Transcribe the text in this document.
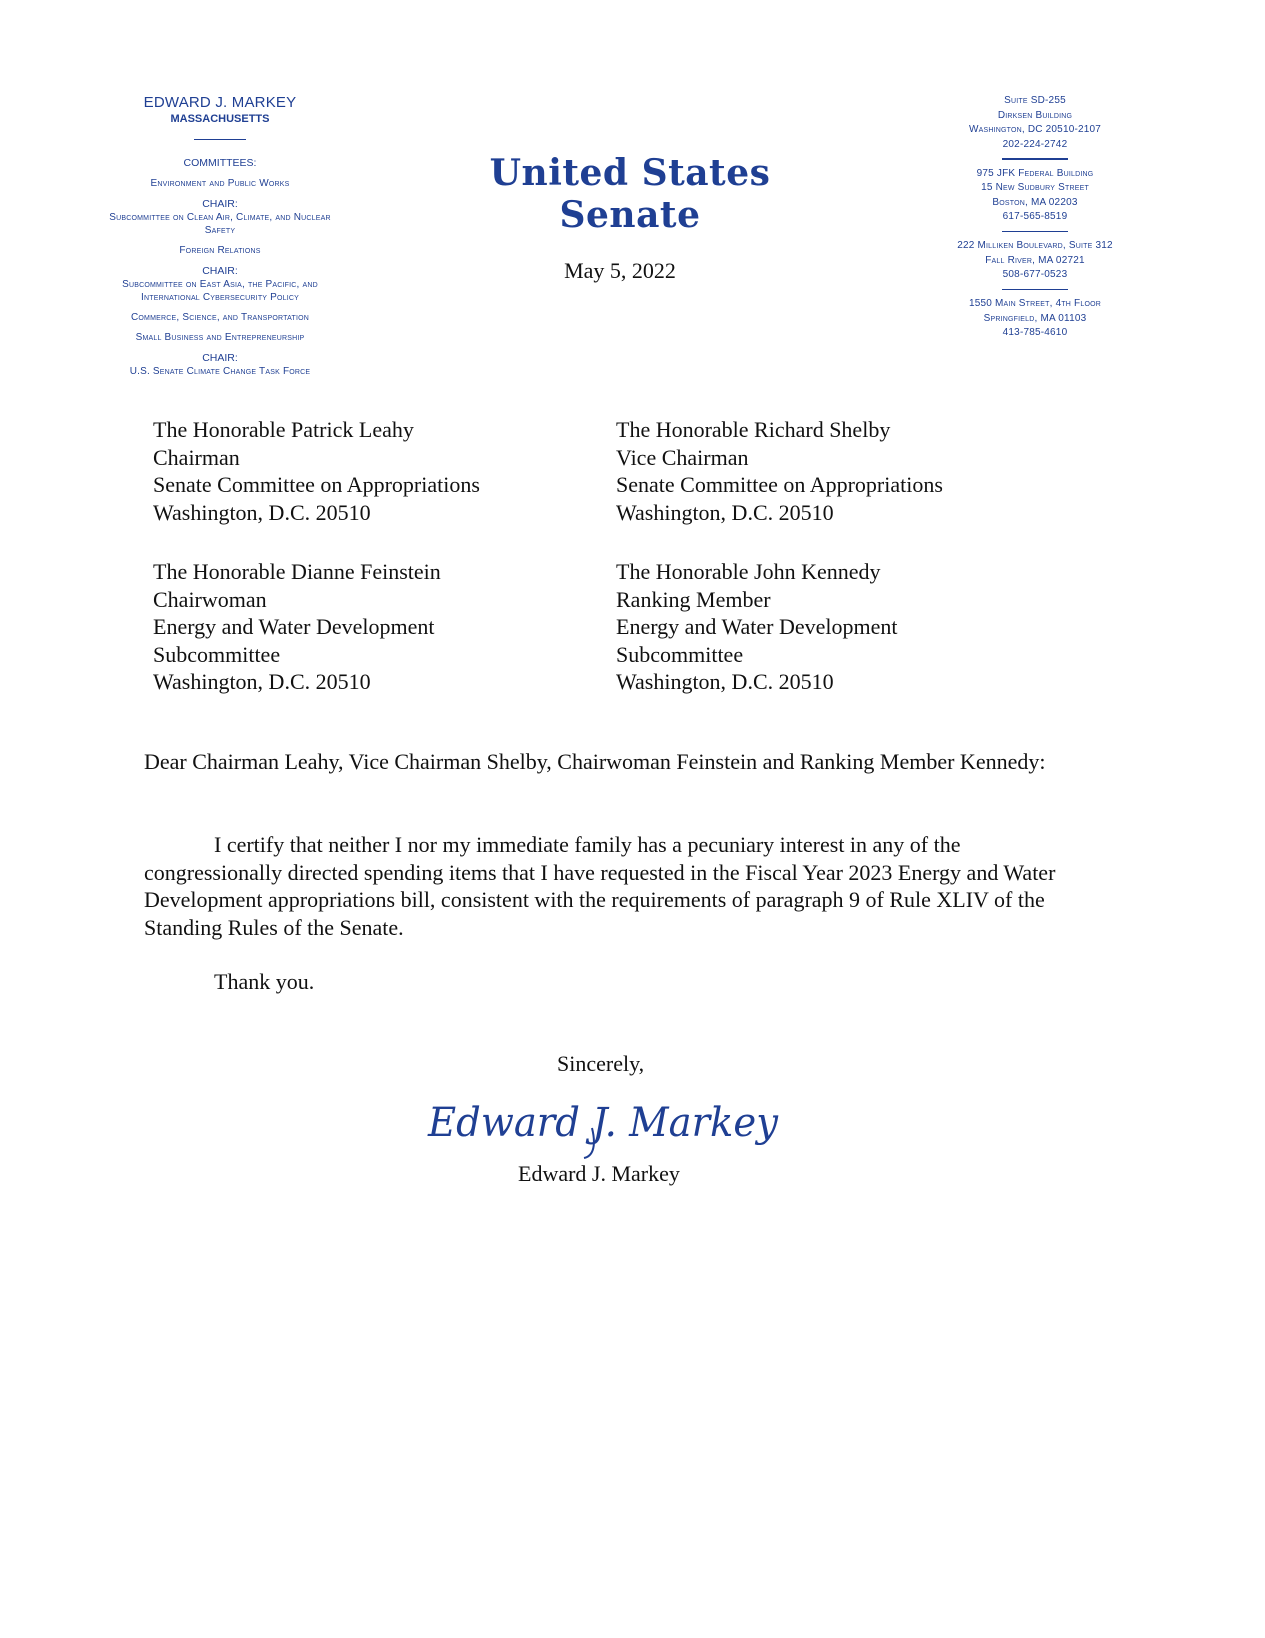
EDWARD J. MARKEY
MASSACHUSETTS
COMMITTEES:
Environment and Public Works
CHAIR:
Subcommittee on Clean Air, Climate, and Nuclear Safety
Foreign Relations
CHAIR:
Subcommittee on East Asia, the Pacific, and International Cybersecurity Policy
Commerce, Science, and Transportation
Small Business and Entrepreneurship
CHAIR:
U.S. Senate Climate Change Task Force
United States Senate
May 5, 2022
Suite SD-255
Dirksen Building
Washington, DC 20510-2107
202-224-2742
975 JFK Federal Building
15 New Sudbury Street
Boston, MA 02203
617-565-8519
222 Milliken Boulevard, Suite 312
Fall River, MA 02721
508-677-0523
1550 Main Street, 4th Floor
Springfield, MA 01103
413-785-4610
The Honorable Patrick Leahy
Chairman
Senate Committee on Appropriations
Washington, D.C. 20510
The Honorable Richard Shelby
Vice Chairman
Senate Committee on Appropriations
Washington, D.C. 20510
The Honorable Dianne Feinstein
Chairwoman
Energy and Water Development
Subcommittee
Washington, D.C. 20510
The Honorable John Kennedy
Ranking Member
Energy and Water Development
Subcommittee
Washington, D.C. 20510
Dear Chairman Leahy, Vice Chairman Shelby, Chairwoman Feinstein and Ranking Member Kennedy:
I certify that neither I nor my immediate family has a pecuniary interest in any of the congressionally directed spending items that I have requested in the Fiscal Year 2023 Energy and Water Development appropriations bill, consistent with the requirements of paragraph 9 of Rule XLIV of the Standing Rules of the Senate.
Thank you.
Sincerely,
Edward J. Markey
Edward J. Markey
